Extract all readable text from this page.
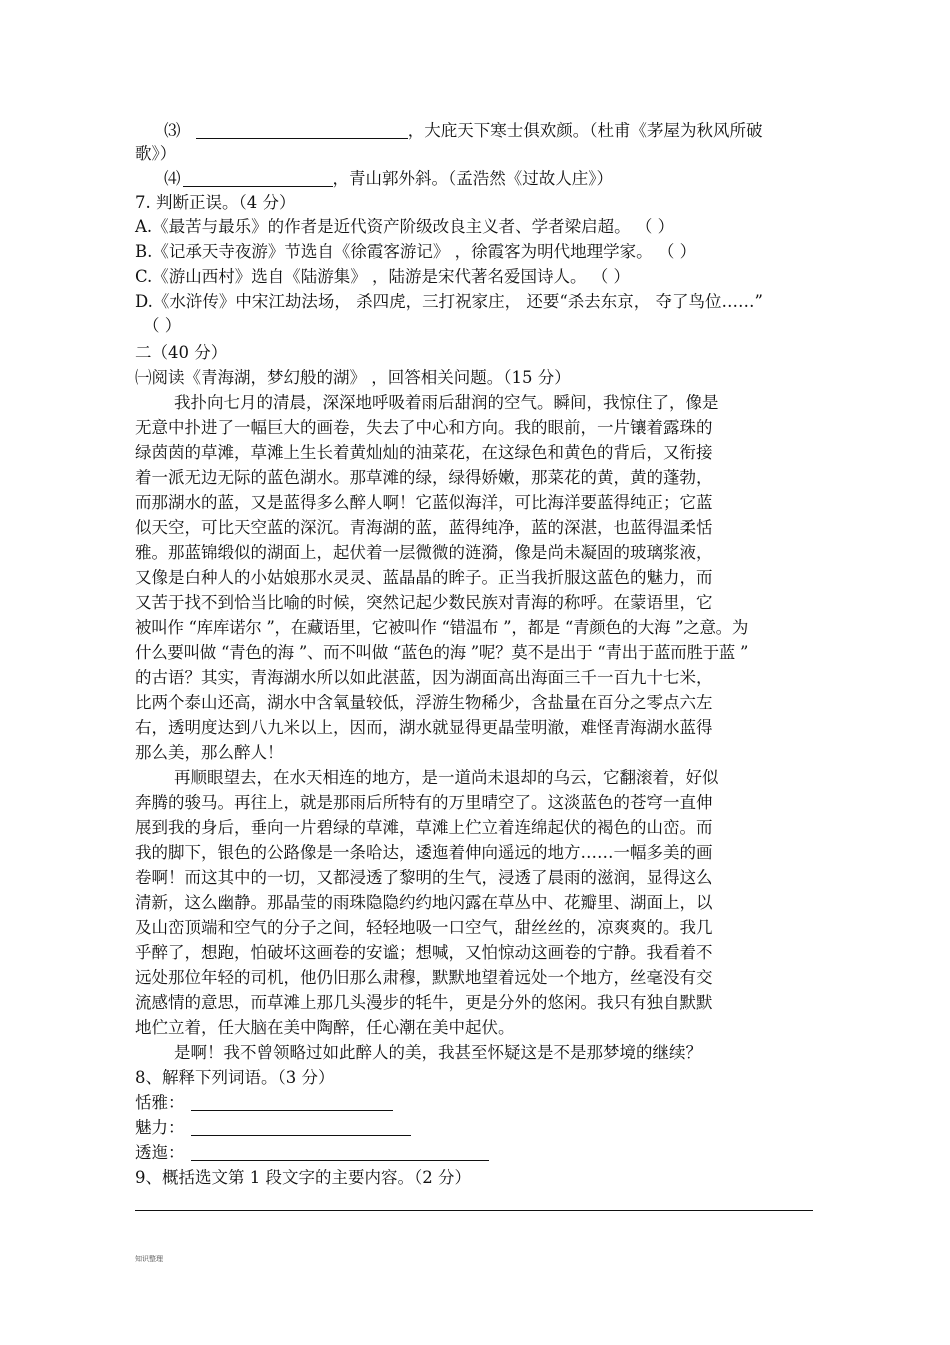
⑶	，大庇天下寒士俱欢颜。（杜甫《茅屋为秋风所破
歌》）
⑷	，青山郭外斜。（孟浩然《过故人庄》）
7. 判断正误。（4 分）
A.《最苦与最乐》的作者是近代资产阶级改良主义者、学者梁启超。 （ ）
B.《记承天寺夜游》节选自《徐霞客游记》 ，徐霞客为明代地理学家。 （ ）
C.《游山西村》选自《陆游集》 ，陆游是宋代著名爱国诗人。 （ ）
D.《水浒传》中宋江劫法场， 杀四虎，三打祝家庄， 还要“杀去东京， 夺了鸟位……”
（ ）
二（40 分）
㈠阅读《青海湖，梦幻般的湖》 ，回答相关问题。（15 分）
我扑向七月的清晨，深深地呼吸着雨后甜润的空气。瞬间，我惊住了，像是
无意中扑进了一幅巨大的画卷，失去了中心和方向。我的眼前，一片镶着露珠的
绿茵茵的草滩，草滩上生长着黄灿灿的油菜花，在这绿色和黄色的背后，又衔接
着一派无边无际的蓝色湖水。那草滩的绿，绿得娇嫩，那菜花的黄，黄的蓬勃，
而那湖水的蓝，又是蓝得多么醉人啊！它蓝似海洋，可比海洋要蓝得纯正；它蓝
似天空，可比天空蓝的深沉。青海湖的蓝，蓝得纯净，蓝的深湛，也蓝得温柔恬
雅。那蓝锦缎似的湖面上，起伏着一层微微的涟漪，像是尚未凝固的玻璃浆液，
又像是白种人的小姑娘那水灵灵、蓝晶晶的眸子。正当我折服这蓝色的魅力，而
又苦于找不到恰当比喻的时候，突然记起少数民族对青海的称呼。在蒙语里，它
被叫作 “库库诺尔 ”，在藏语里，它被叫作 “错温布 ”，都是 “青颜色的大海 ”之意。为
什么要叫做 “青色的海 ”、而不叫做 “蓝色的海 ”呢？莫不是出于 “青出于蓝而胜于蓝 ”
的古语？其实，青海湖水所以如此湛蓝，因为湖面高出海面三千一百九十七米，
比两个泰山还高，湖水中含氧量较低，浮游生物稀少，含盐量在百分之零点六左
右，透明度达到八九米以上，因而，湖水就显得更晶莹明澈，难怪青海湖水蓝得
那么美，那么醉人！
再顺眼望去，在水天相连的地方，是一道尚未退却的乌云，它翻滚着，好似
奔腾的骏马。再往上，就是那雨后所特有的万里晴空了。这淡蓝色的苍穹一直伸
展到我的身后，垂向一片碧绿的草滩，草滩上伫立着连绵起伏的褐色的山峦。而
我的脚下，银色的公路像是一条哈达，逶迤着伸向遥远的地方……一幅多美的画
卷啊！而这其中的一切，又都浸透了黎明的生气，浸透了晨雨的滋润，显得这么
清新，这么幽静。那晶莹的雨珠隐隐约约地闪露在草丛中、花瓣里、湖面上，以
及山峦顶端和空气的分子之间，轻轻地吸一口空气，甜丝丝的，凉爽爽的。我几
乎醉了，想跑，怕破坏这画卷的安谧；想喊，又怕惊动这画卷的宁静。我看着不
远处那位年轻的司机，他仍旧那么肃穆，默默地望着远处一个地方，丝毫没有交
流感情的意思，而草滩上那几头漫步的牦牛，更是分外的悠闲。我只有独自默默
地伫立着，任大脑在美中陶醉，任心潮在美中起伏。
是啊！我不曾领略过如此醉人的美，我甚至怀疑这是不是那梦境的继续？
8、解释下列词语。（3 分）
恬雅：
魅力：
透迤：
9、概括选文第 1 段文字的主要内容。（2 分）
知识整理
